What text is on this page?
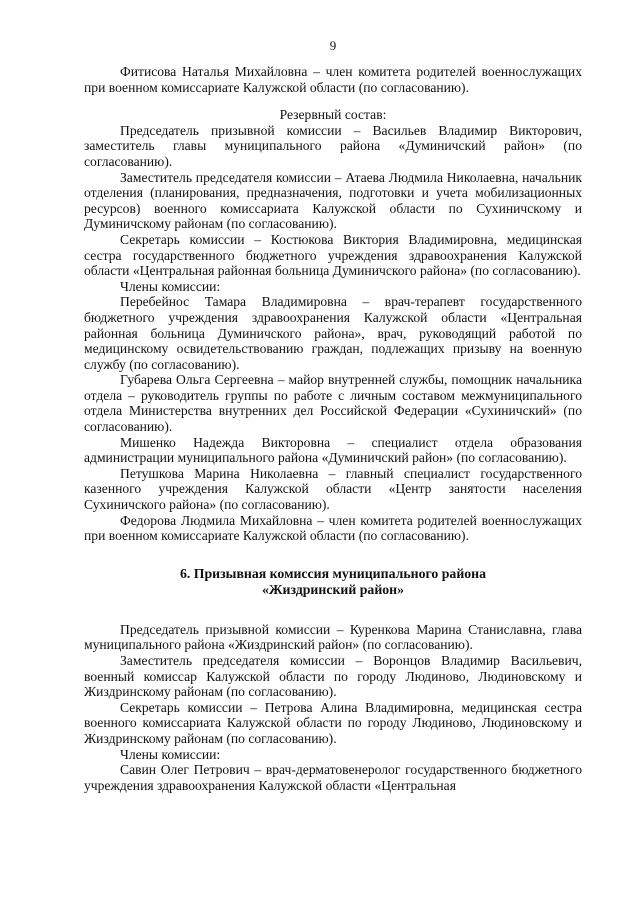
9

Фитисова Наталья Михайловна – член комитета родителей военнослужащих при военном комиссариате Калужской области (по согласованию).

Резервный состав:

Председатель призывной комиссии – Васильев Владимир Викторович, заместитель главы муниципального района «Думиничский район» (по согласованию).

Заместитель председателя комиссии – Атаева Людмила Николаевна, начальник отделения (планирования, предназначения, подготовки и учета мобилизационных ресурсов) военного комиссариата Калужской области по Сухиничскому и Думиничскому районам (по согласованию).

Секретарь комиссии – Костюкова Виктория Владимировна, медицинская сестра государственного бюджетного учреждения здравоохранения Калужской области «Центральная районная больница Думиничского района» (по согласованию).

Члены комиссии:

Перебейнос Тамара Владимировна – врач-терапевт государственного бюджетного учреждения здравоохранения Калужской области «Центральная районная больница Думиничского района», врач, руководящий работой по медицинскому освидетельствованию граждан, подлежащих призыву на военную службу (по согласованию).

Губарева Ольга Сергеевна – майор внутренней службы, помощник начальника отдела – руководитель группы по работе с личным составом межмуниципального отдела Министерства внутренних дел Российской Федерации «Сухиничский» (по согласованию).

Мишенко Надежда Викторовна – специалист отдела образования администрации муниципального района «Думиничский район» (по согласованию).

Петушкова Марина Николаевна – главный специалист государственного казенного учреждения Калужской области «Центр занятости населения Сухиничского района» (по согласованию).

Федорова Людмила Михайловна – член комитета родителей военнослужащих при военном комиссариате Калужской области (по согласованию).

6. Призывная комиссия муниципального района
«Жиздринский район»

Председатель призывной комиссии – Куренкова Марина Станиславна, глава муниципального района «Жиздринский район» (по согласованию).

Заместитель председателя комиссии – Воронцов Владимир Васильевич, военный комиссар Калужской области по городу Людиново, Людиновскому и Жиздринскому районам (по согласованию).

Секретарь комиссии – Петрова Алина Владимировна, медицинская сестра военного комиссариата Калужской области по городу Людиново, Людиновскому и Жиздринскому районам (по согласованию).

Члены комиссии:

Савин Олег Петрович – врач-дерматовенеролог государственного бюджетного учреждения здравоохранения Калужской области «Центральная
